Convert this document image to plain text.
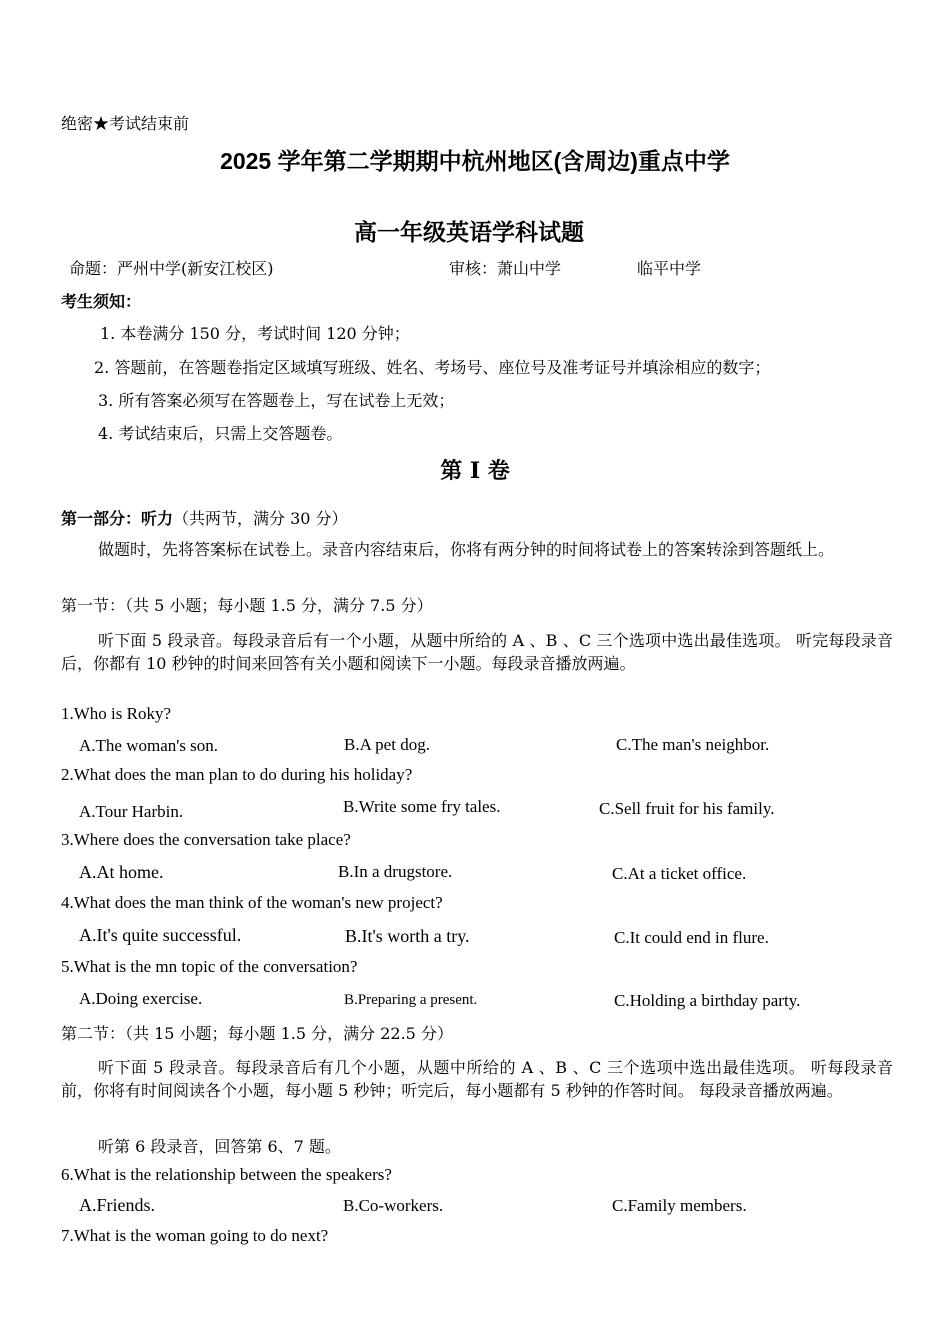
绝密★考试结束前
2025 学年第二学期期中杭州地区(含周边)重点中学
高一年级英语学科试题
命题：严州中学(新安江校区)	审核：萧山中学	临平中学
考生须知：
1. 本卷满分 150 分，考试时间 120 分钟；
2. 答题前，在答题卷指定区域填写班级、姓名、考场号、座位号及准考证号并填涂相应的数字；
3. 所有答案必须写在答题卷上，写在试卷上无效；
4. 考试结束后，只需上交答题卷。
第 I 卷
第一部分：听力（共两节，满分 30 分）
做题时，先将答案标在试卷上。录音内容结束后，你将有两分钟的时间将试卷上的答案转涂到答题纸上。
第一节：（共 5 小题；每小题 1.5 分，满分 7.5 分）
听下面 5 段录音。每段录音后有一个小题，从题中所给的 A 、B 、C 三个选项中选出最佳选项。 听完每段录音后，你都有 10 秒钟的时间来回答有关小题和阅读下一小题。每段录音播放两遍。
1.Who is Roky?
A.The woman's son.	B.A pet dog.	C.The man's neighbor.
2.What does the man plan to do during his holiday?
A.Tour Harbin.	B.Write some fry tales.	C.Sell fruit for his family.
3.Where does the conversation take place?
A.At home.	B.In a drugstore.	C.At a ticket office.
4.What does the man think of the woman's new project?
A.It's quite successful.	B.It's worth a try.	C.It could end in flure.
5.What is the mn topic of the conversation?
A.Doing exercise.	B.Preparing a present.	C.Holding a birthday party.
第二节：（共 15 小题；每小题 1.5 分，满分 22.5 分）
听下面 5 段录音。每段录音后有几个小题，从题中所给的 A 、B 、C 三个选项中选出最佳选项。 听每段录音前，你将有时间阅读各个小题，每小题 5 秒钟；听完后，每小题都有 5 秒钟的作答时间。 每段录音播放两遍。
听第 6 段录音，回答第 6、7 题。
6.What is the relationship between the speakers?
A.Friends.	B.Co-workers.	C.Family members.
7.What is the woman going to do next?
